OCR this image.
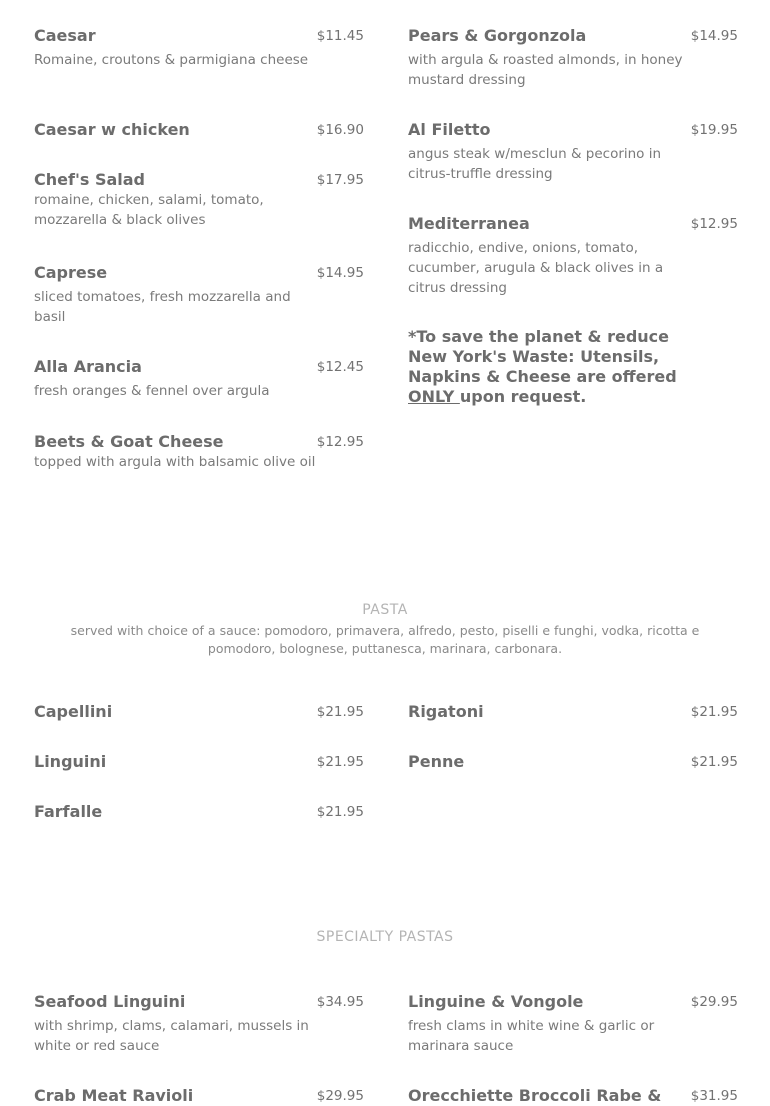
Caesar	$11.45
Romaine, croutons & parmigiana cheese
Caesar w chicken	$16.90
Chef's Salad	$17.95
romaine, chicken, salami, tomato, mozzarella & black olives
Caprese	$14.95
sliced tomatoes, fresh mozzarella and basil
Alla Arancia	$12.45
fresh oranges & fennel over argula
Beets & Goat Cheese	$12.95
topped with argula with balsamic olive oil
Pears & Gorgonzola	$14.95
with argula & roasted almonds, in honey mustard dressing
Al Filetto	$19.95
angus steak w/mesclun & pecorino in citrus-truffle dressing
Mediterranea	$12.95
radicchio, endive, onions, tomato, cucumber, arugula & black olives in a citrus dressing
*To save the planet & reduce New York's Waste: Utensils, Napkins & Cheese are offered ONLY upon request.
PASTA
served with choice of a sauce: pomodoro, primavera, alfredo, pesto, piselli e funghi, vodka, ricotta e pomodoro, bolognese, puttanesca, marinara, carbonara.
Capellini	$21.95
Linguini	$21.95
Farfalle	$21.95
Rigatoni	$21.95
Penne	$21.95
SPECIALTY PASTAS
Seafood Linguini	$34.95
with shrimp, clams, calamari, mussels in white or red sauce
Crab Meat Ravioli	$29.95
Linguine & Vongole	$29.95
fresh clams in white wine & garlic or marinara sauce
Orecchiette Broccoli Rabe &	$31.95
